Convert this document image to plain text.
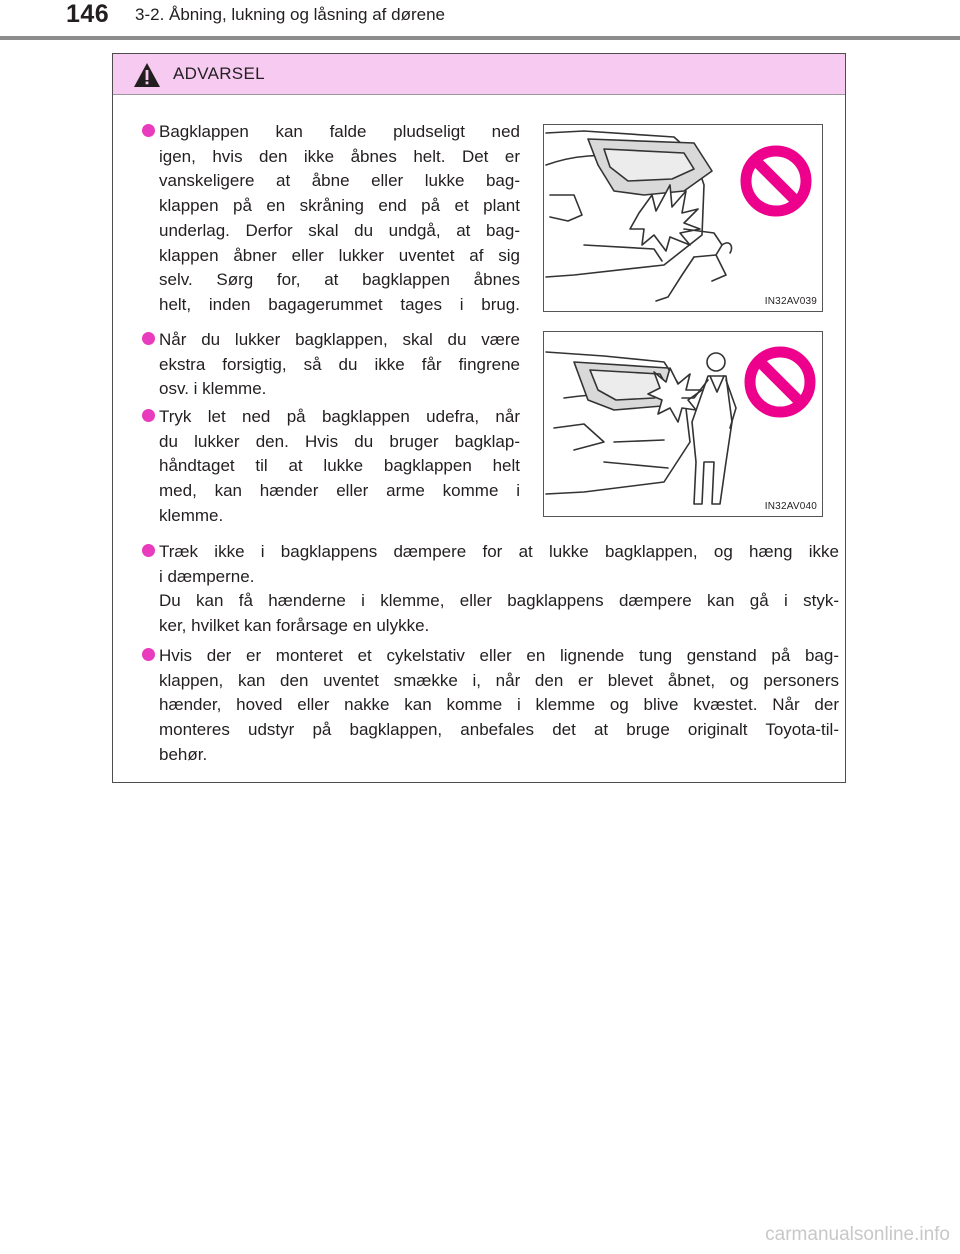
146 3-2. Åbning, lukning og låsning af dørene
ADVARSEL
Bagklappen kan falde pludseligt ned
igen, hvis den ikke åbnes helt. Det er
vanskeligere at åbne eller lukke bag-
klappen på en skråning end på et plant
underlag. Derfor skal du undgå, at bag-
klappen åbner eller lukker uventet af sig
selv. Sørg for, at bagklappen åbnes
helt, inden bagagerummet tages i brug.
Når du lukker bagklappen, skal du være
ekstra forsigtig, så du ikke får fingrene
osv. i klemme.
Tryk let ned på bagklappen udefra, når
du lukker den. Hvis du bruger bagklap-
håndtaget til at lukke bagklappen helt
med, kan hænder eller arme komme i
klemme.
Træk ikke i bagklappens dæmpere for at lukke bagklappen, og hæng ikke
i dæmperne.
Du kan få hænderne i klemme, eller bagklappens dæmpere kan gå i styk-
ker, hvilket kan forårsage en ulykke.
Hvis der er monteret et cykelstativ eller en lignende tung genstand på bag-
klappen, kan den uventet smække i, når den er blevet åbnet, og personers
hænder, hoved eller nakke kan komme i klemme og blive kvæstet. Når der
monteres udstyr på bagklappen, anbefales det at bruge originalt Toyota-til-
behør.
IN32AV039
IN32AV040
carmanualsonline.info
